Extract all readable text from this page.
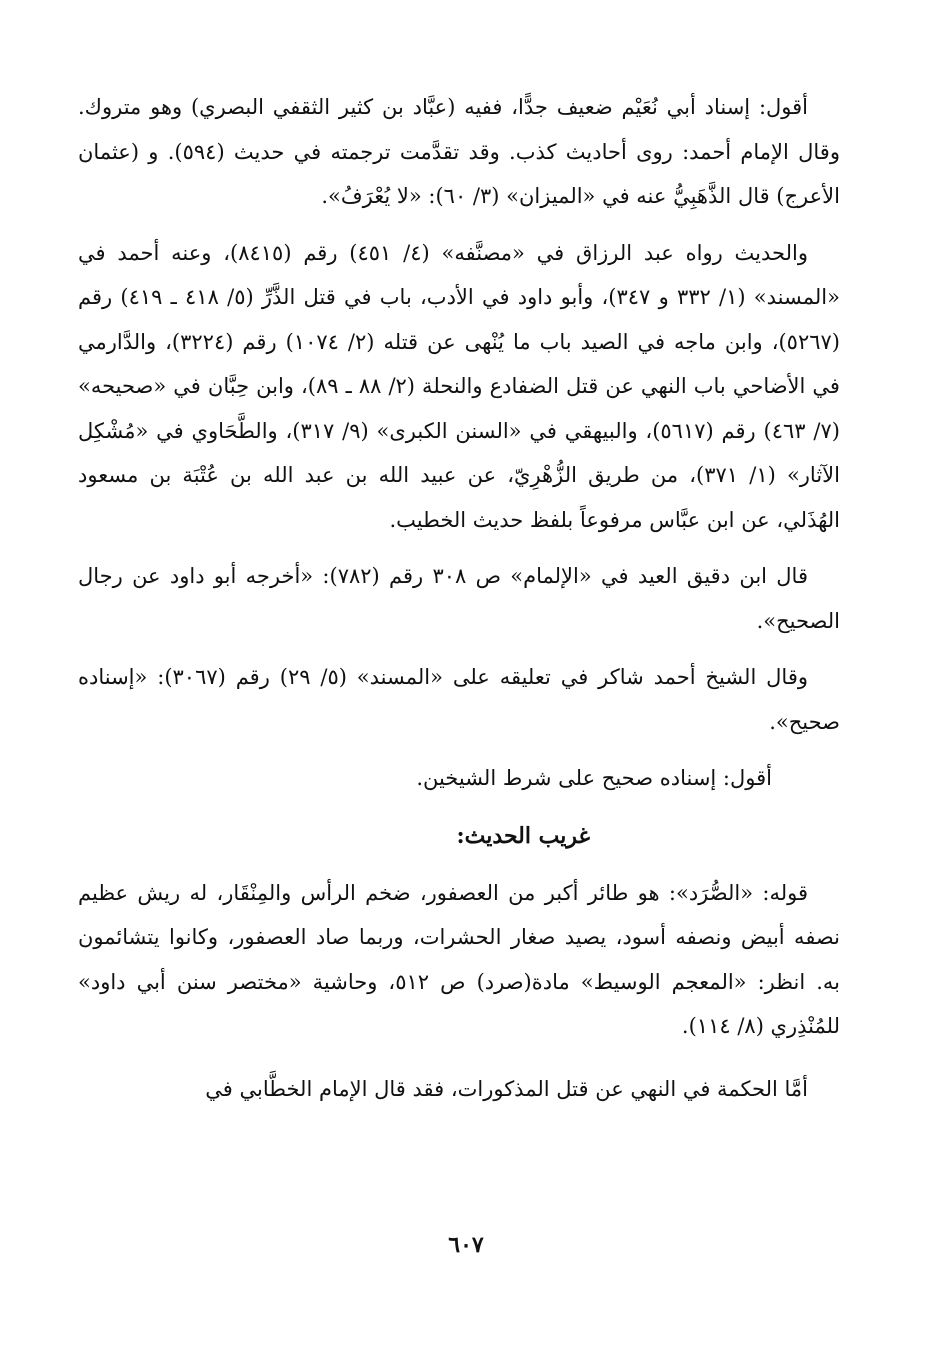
أقول: إسناد أبي نُعَيْم ضعيف جدًّا، ففيه (عبَّاد بن كثير الثقفي البصري) وهو متروك. وقال الإمام أحمد: روى أحاديث كذب. وقد تقدَّمت ترجمته في حديث (٥٩٤). و (عثمان الأعرج) قال الذَّهَبِيُّ عنه في «الميزان» (٣/ ٦٠): «لا يُعْرَفُ».

والحديث رواه عبد الرزاق في «مصنَّفه» (٤/ ٤٥١) رقم (٨٤١٥)، وعنه أحمد في «المسند» (١/ ٣٣٢ و ٣٤٧)، وأبو داود في الأدب، باب في قتل الذَّرِّ (٥/ ٤١٨ ـ ٤١٩) رقم (٥٢٦٧)، وابن ماجه في الصيد باب ما يُنْهى عن قتله (٢/ ١٠٧٤) رقم (٣٢٢٤)، والدَّارمي في الأضاحي باب النهي عن قتل الضفادع والنحلة (٢/ ٨٨ ـ ٨٩)، وابن حِبَّان في «صحيحه» (٧/ ٤٦٣) رقم (٥٦١٧)، والبيهقي في «السنن الكبرى» (٩/ ٣١٧)، والطَّحَاوي في «مُشْكِل الآثار» (١/ ٣٧١)، من طريق الزُّهْرِيّ، عن عبيد الله بن عبد الله بن عُتْبَة بن مسعود الهُذَلي، عن ابن عبَّاس مرفوعاً بلفظ حديث الخطيب.

قال ابن دقيق العيد في «الإلمام» ص ٣٠٨ رقم (٧٨٢): «أخرجه أبو داود عن رجال الصحيح».

وقال الشيخ أحمد شاكر في تعليقه على «المسند» (٥/ ٢٩) رقم (٣٠٦٧): «إسناده صحيح».

أقول: إسناده صحيح على شرط الشيخين.

غريب الحديث:

قوله: «الصُّرَد»: هو طائر أكبر من العصفور، ضخم الرأس والمِنْقَار، له ريش عظيم نصفه أبيض ونصفه أسود، يصيد صغار الحشرات، وربما صاد العصفور، وكانوا يتشائمون به. انظر: «المعجم الوسيط» مادة(صرد) ص ٥١٢، وحاشية «مختصر سنن أبي داود» للمُنْذِري (٨/ ١١٤).

أمَّا الحكمة في النهي عن قتل المذكورات، فقد قال الإمام الخطَّابي في

٦٠٧
